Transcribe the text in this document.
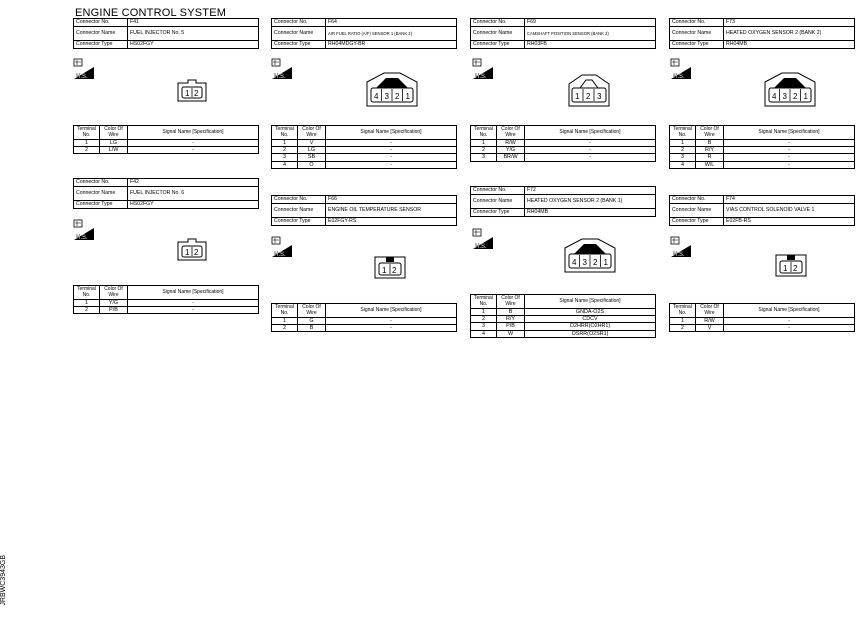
ENGINE CONTROL SYSTEM
Connector No.	F41
Connector Name	FUEL INJECTOR No. 5
Connector Type	HS02FGY
H.S.
1 2
Terminal No.	Color Of Wire	Signal Name [Specification]
1	LG	-
2	L/W	-
Connector No.	F42
Connector Name	FUEL INJECTOR No. 6
Connector Type	HS02FGY
H.S.
1 2
Terminal No.	Color Of Wire	Signal Name [Specification]
1	Y/G	-
2	P/B	-
Connector No.	F64
Connector Name	AIR FUEL RATIO (A/F) SENSOR 1 (BANK 2)
Connector Type	RH04MDGY-BR
H.S.
4 3 2 1
Terminal No.	Color Of Wire	Signal Name [Specification]
1	V	-
2	LG	-
3	SB	-
4	O	-
Connector No.	F66
Connector Name	ENGINE OIL TEMPERATURE SENSOR
Connector Type	E02FGY-RS
H.S.
1 2
Terminal No.	Color Of Wire	Signal Name [Specification]
1	G	-
2	B	-
Connector No.	F69
Connector Name	CAMSHAFT POSITION SENSOR (BANK 2)
Connector Type	RH03FB
H.S.
1 2 3
Terminal No.	Color Of Wire	Signal Name [Specification]
1	R/W	-
2	Y/G	-
3	BR/W	-
Connector No.	F72
Connector Name	HEATED OXYGEN SENSOR 2 (BANK 1)
Connector Type	RH04MB
H.S.
4 3 2 1
Terminal No.	Color Of Wire	Signal Name [Specification]
1	B	GNDA-O2S
2	R/Y	CDCV
3	P/B	O2HRR(O2HR1)
4	W	OSRR(O2SR1)
Connector No.	F73
Connector Name	HEATED OXYGEN SENSOR 2 (BANK 2)
Connector Type	RH04MB
H.S.
4 3 2 1
Terminal No.	Color Of Wire	Signal Name [Specification]
1	B	-
2	R/Y	-
3	R	-
4	W/L	-
Connector No.	F74
Connector Name	VIAS CONTROL SOLENOID VALVE 1
Connector Type	E02FB-RS
H.S.
1 2
Terminal No.	Color Of Wire	Signal Name [Specification]
1	R/W	-
2	V	-
JRBWC3943GB
